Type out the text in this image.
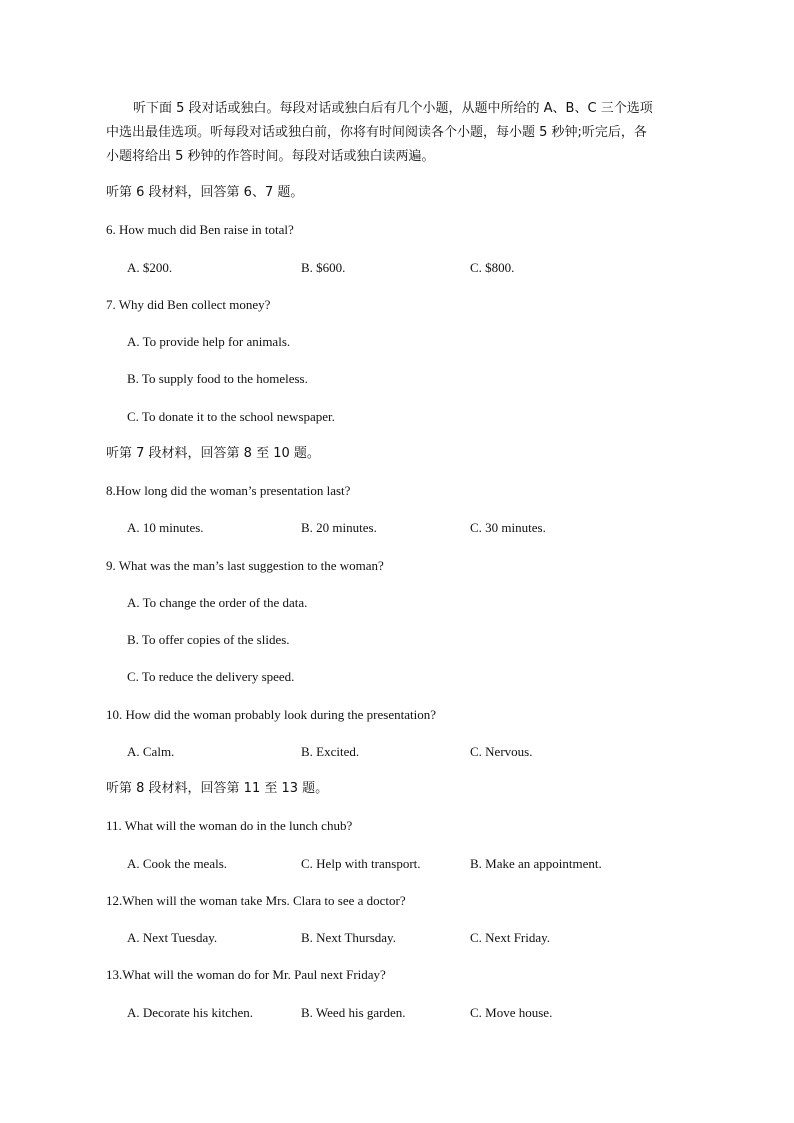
听下面 5 段对话或独白。每段对话或独白后有几个小题，从题中所给的 A、B、C 三个选项
中选出最佳选项。听每段对话或独白前，你将有时间阅读各个小题，每小题 5 秒钟;听完后，各
小题将给出 5 秒钟的作答时间。每段对话或独白读两遍。
听第 6 段材料，回答第 6、7 题。
6. How much did Ben raise in total?
A. $200.	B. $600.	C. $800.
7. Why did Ben collect money?
A. To provide help for animals.
B. To supply food to the homeless.
C. To donate it to the school newspaper.
听第 7 段材料，回答第 8 至 10 题。
8.How long did the woman’s presentation last?
A. 10 minutes.	B. 20 minutes.	C. 30 minutes.
9. What was the man’s last suggestion to the woman?
A. To change the order of the data.
B. To offer copies of the slides.
C. To reduce the delivery speed.
10. How did the woman probably look during the presentation?
A. Calm.	B. Excited.	C. Nervous.
听第 8 段材料，回答第 11 至 13 题。
11. What will the woman do in the lunch chub?
A. Cook the meals.	C. Help with transport.	B. Make an appointment.
12.When will the woman take Mrs. Clara to see a doctor?
A. Next Tuesday.	B. Next Thursday.	C. Next Friday.
13.What will the woman do for Mr. Paul next Friday?
A. Decorate his kitchen.	B. Weed his garden.	C. Move house.
